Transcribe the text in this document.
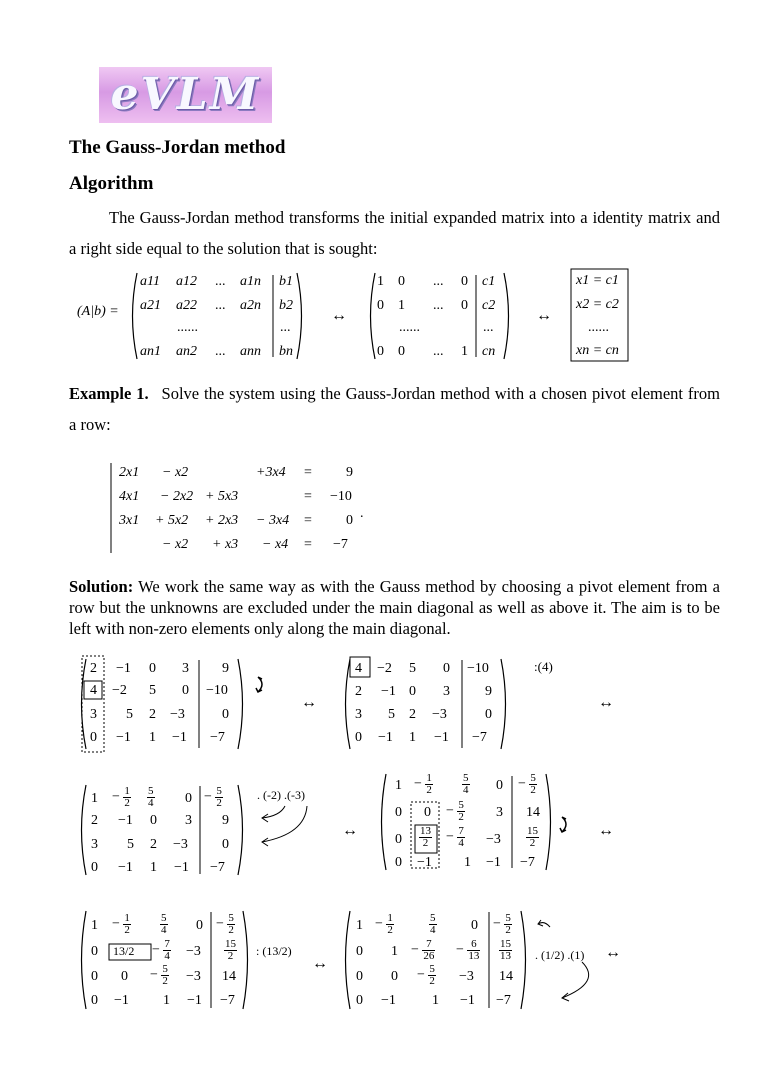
eVLM
The Gauss-Jordan method
Algorithm
The Gauss-Jordan method transforms the initial expanded matrix into a identity matrix and a right side equal to the solution that is sought:
(A|b) =
a11 a12 ... a1n b1
a21 a22 ... a2n b2
......	...
an1 an2 ... ann bn
↔
1 0 ... 0 c1
0 1 ... 0 c2
......	...
0 0 ... 1 cn
↔
x1 = c1
x2 = c2
......
xn = cn
Example 1. Solve the system using the Gauss-Jordan method with a chosen pivot element from a row:
2x1 − x2	+3x4 = 9
4x1 − 2x2 + 5x3	= −10
3x1 + 5x2 + 2x3 − 3x4 = 0 .
− x2 + x3 − x4 = −7
Solution: We work the same way as with the Gauss method by choosing a pivot element from a row but the unknowns are excluded under the main diagonal as well as above it. The aim is to be left with non-zero elements only along the main diagonal.
2 −1 0 3 9
4 −2 5 0 −10
3 5 2 −3	0
0 −1 1 −1 −7
↔
4 −2 5 0 −10
2 −1 0 3	9
3 5 2 −3	0
0 −1 1 −1 −7
:(4)
↔
$1 - \frac{1}{2} \frac{5}{4} 0 - \frac{5}{2}$
2 −1 0 3 9
3 5 2 −3 0
0 −1 1 −1 −7
. (-2) .(-3)
↔
$1 - \frac{1}{2}$	$\frac{5}{4} 0 - \frac{5}{2}$
0 $0 - \frac{5}{2} 3$ 14
$0 \frac{13}{2} - \frac{7}{4} -3 \frac{15}{2}$
0 −1 1 −1 −7
↔
$1 - \frac{1}{2}$	$\frac{5}{4} 0 - \frac{5}{2}$
0 $13/2 - \frac{7}{4} -3 \frac{15}{2}$
0 $0 - \frac{5}{2} -3$ 14
0 −1 1 −1 −7
: (13/2)
↔
$1 - \frac{1}{2}$	$\frac{5}{4} 0 - \frac{5}{2}$
0 $1 - \frac{7}{26} - \frac{6}{13} \frac{15}{13}$
0 $0 - \frac{5}{2} -3$ 14
0 −1	1 −1 −7
. (1/2) .(1) ↔
